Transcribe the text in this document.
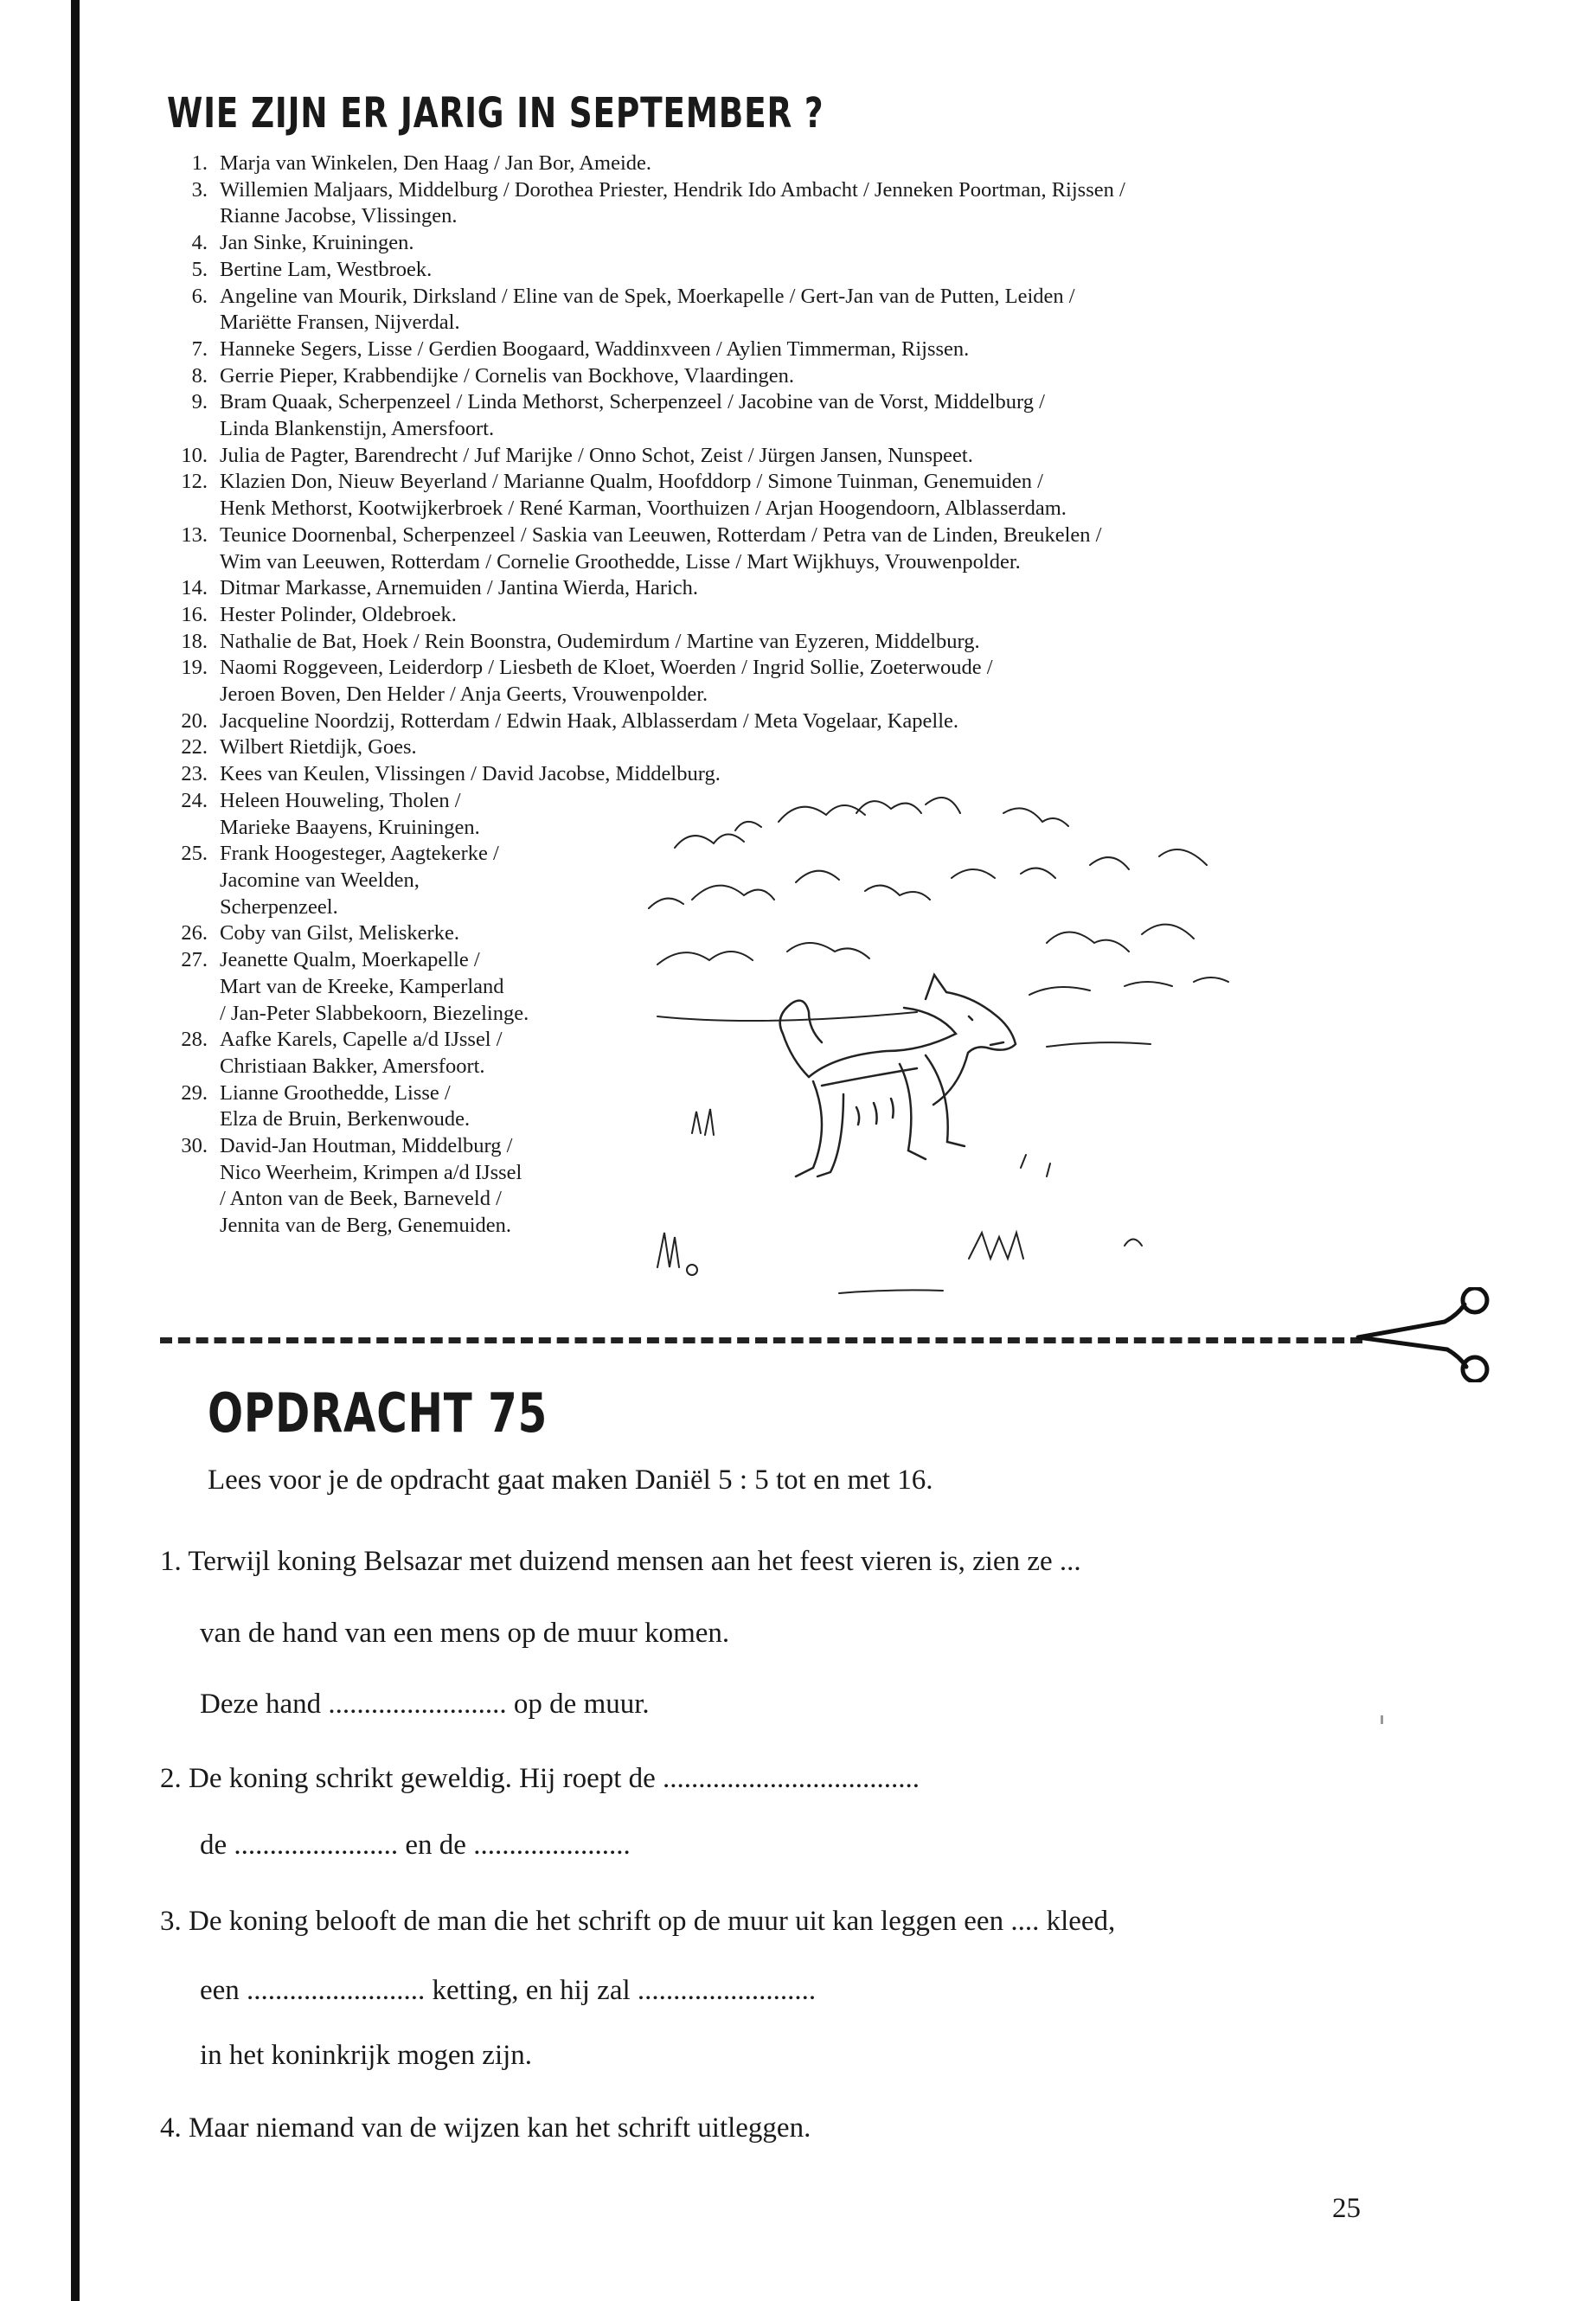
WIE ZIJN ER JARIG IN SEPTEMBER ?
1. Marja van Winkelen, Den Haag / Jan Bor, Ameide.
3. Willemien Maljaars, Middelburg / Dorothea Priester, Hendrik Ido Ambacht / Jenneken Poortman, Rijssen /
Rianne Jacobse, Vlissingen.
4. Jan Sinke, Kruiningen.
5. Bertine Lam, Westbroek.
6. Angeline van Mourik, Dirksland / Eline van de Spek, Moerkapelle / Gert-Jan van de Putten, Leiden /
Mariëtte Fransen, Nijverdal.
7. Hanneke Segers, Lisse / Gerdien Boogaard, Waddinxveen / Aylien Timmerman, Rijssen.
8. Gerrie Pieper, Krabbendijke / Cornelis van Bockhove, Vlaardingen.
9. Bram Quaak, Scherpenzeel / Linda Methorst, Scherpenzeel / Jacobine van de Vorst, Middelburg /
Linda Blankenstijn, Amersfoort.
10. Julia de Pagter, Barendrecht / Juf Marijke / Onno Schot, Zeist / Jürgen Jansen, Nunspeet.
12. Klazien Don, Nieuw Beyerland / Marianne Qualm, Hoofddorp / Simone Tuinman, Genemuiden /
Henk Methorst, Kootwijkerbroek / René Karman, Voorthuizen / Arjan Hoogendoorn, Alblasserdam.
13. Teunice Doornenbal, Scherpenzeel / Saskia van Leeuwen, Rotterdam / Petra van de Linden, Breukelen /
Wim van Leeuwen, Rotterdam / Cornelie Groothedde, Lisse / Mart Wijkhuys, Vrouwenpolder.
14. Ditmar Markasse, Arnemuiden / Jantina Wierda, Harich.
16. Hester Polinder, Oldebroek.
18. Nathalie de Bat, Hoek / Rein Boonstra, Oudemirdum / Martine van Eyzeren, Middelburg.
19. Naomi Roggeveen, Leiderdorp / Liesbeth de Kloet, Woerden / Ingrid Sollie, Zoeterwoude /
Jeroen Boven, Den Helder / Anja Geerts, Vrouwenpolder.
20. Jacqueline Noordzij, Rotterdam / Edwin Haak, Alblasserdam / Meta Vogelaar, Kapelle.
22. Wilbert Rietdijk, Goes.
23. Kees van Keulen, Vlissingen / David Jacobse, Middelburg.
24. Heleen Houweling, Tholen /
Marieke Baayens, Kruiningen.
25. Frank Hoogesteger, Aagtekerke /
Jacomine van Weelden,
Scherpenzeel.
26. Coby van Gilst, Meliskerke.
27. Jeanette Qualm, Moerkapelle /
Mart van de Kreeke, Kamperland
/ Jan-Peter Slabbekoorn, Biezelinge.
28. Aafke Karels, Capelle a/d IJssel /
Christiaan Bakker, Amersfoort.
29. Lianne Groothedde, Lisse /
Elza de Bruin, Berkenwoude.
30. David-Jan Houtman, Middelburg /
Nico Weerheim, Krimpen a/d IJssel
/ Anton van de Beek, Barneveld /
Jennita van de Berg, Genemuiden.
OPDRACHT 75

Lees voor je de opdracht gaat maken Daniël 5 : 5 tot en met 16.

1. Terwijl koning Belsazar met duizend mensen aan het feest vieren is, zien ze ...

van de hand van een mens op de muur komen.

Deze hand ......................... op de muur.

2. De koning schrikt geweldig. Hij roept de ....................................

de ....................... en de ......................

3. De koning belooft de man die het schrift op de muur uit kan leggen een .... kleed,

een ......................... ketting, en hij zal .........................

in het koninkrijk mogen zijn.

4. Maar niemand van de wijzen kan het schrift uitleggen.

25
